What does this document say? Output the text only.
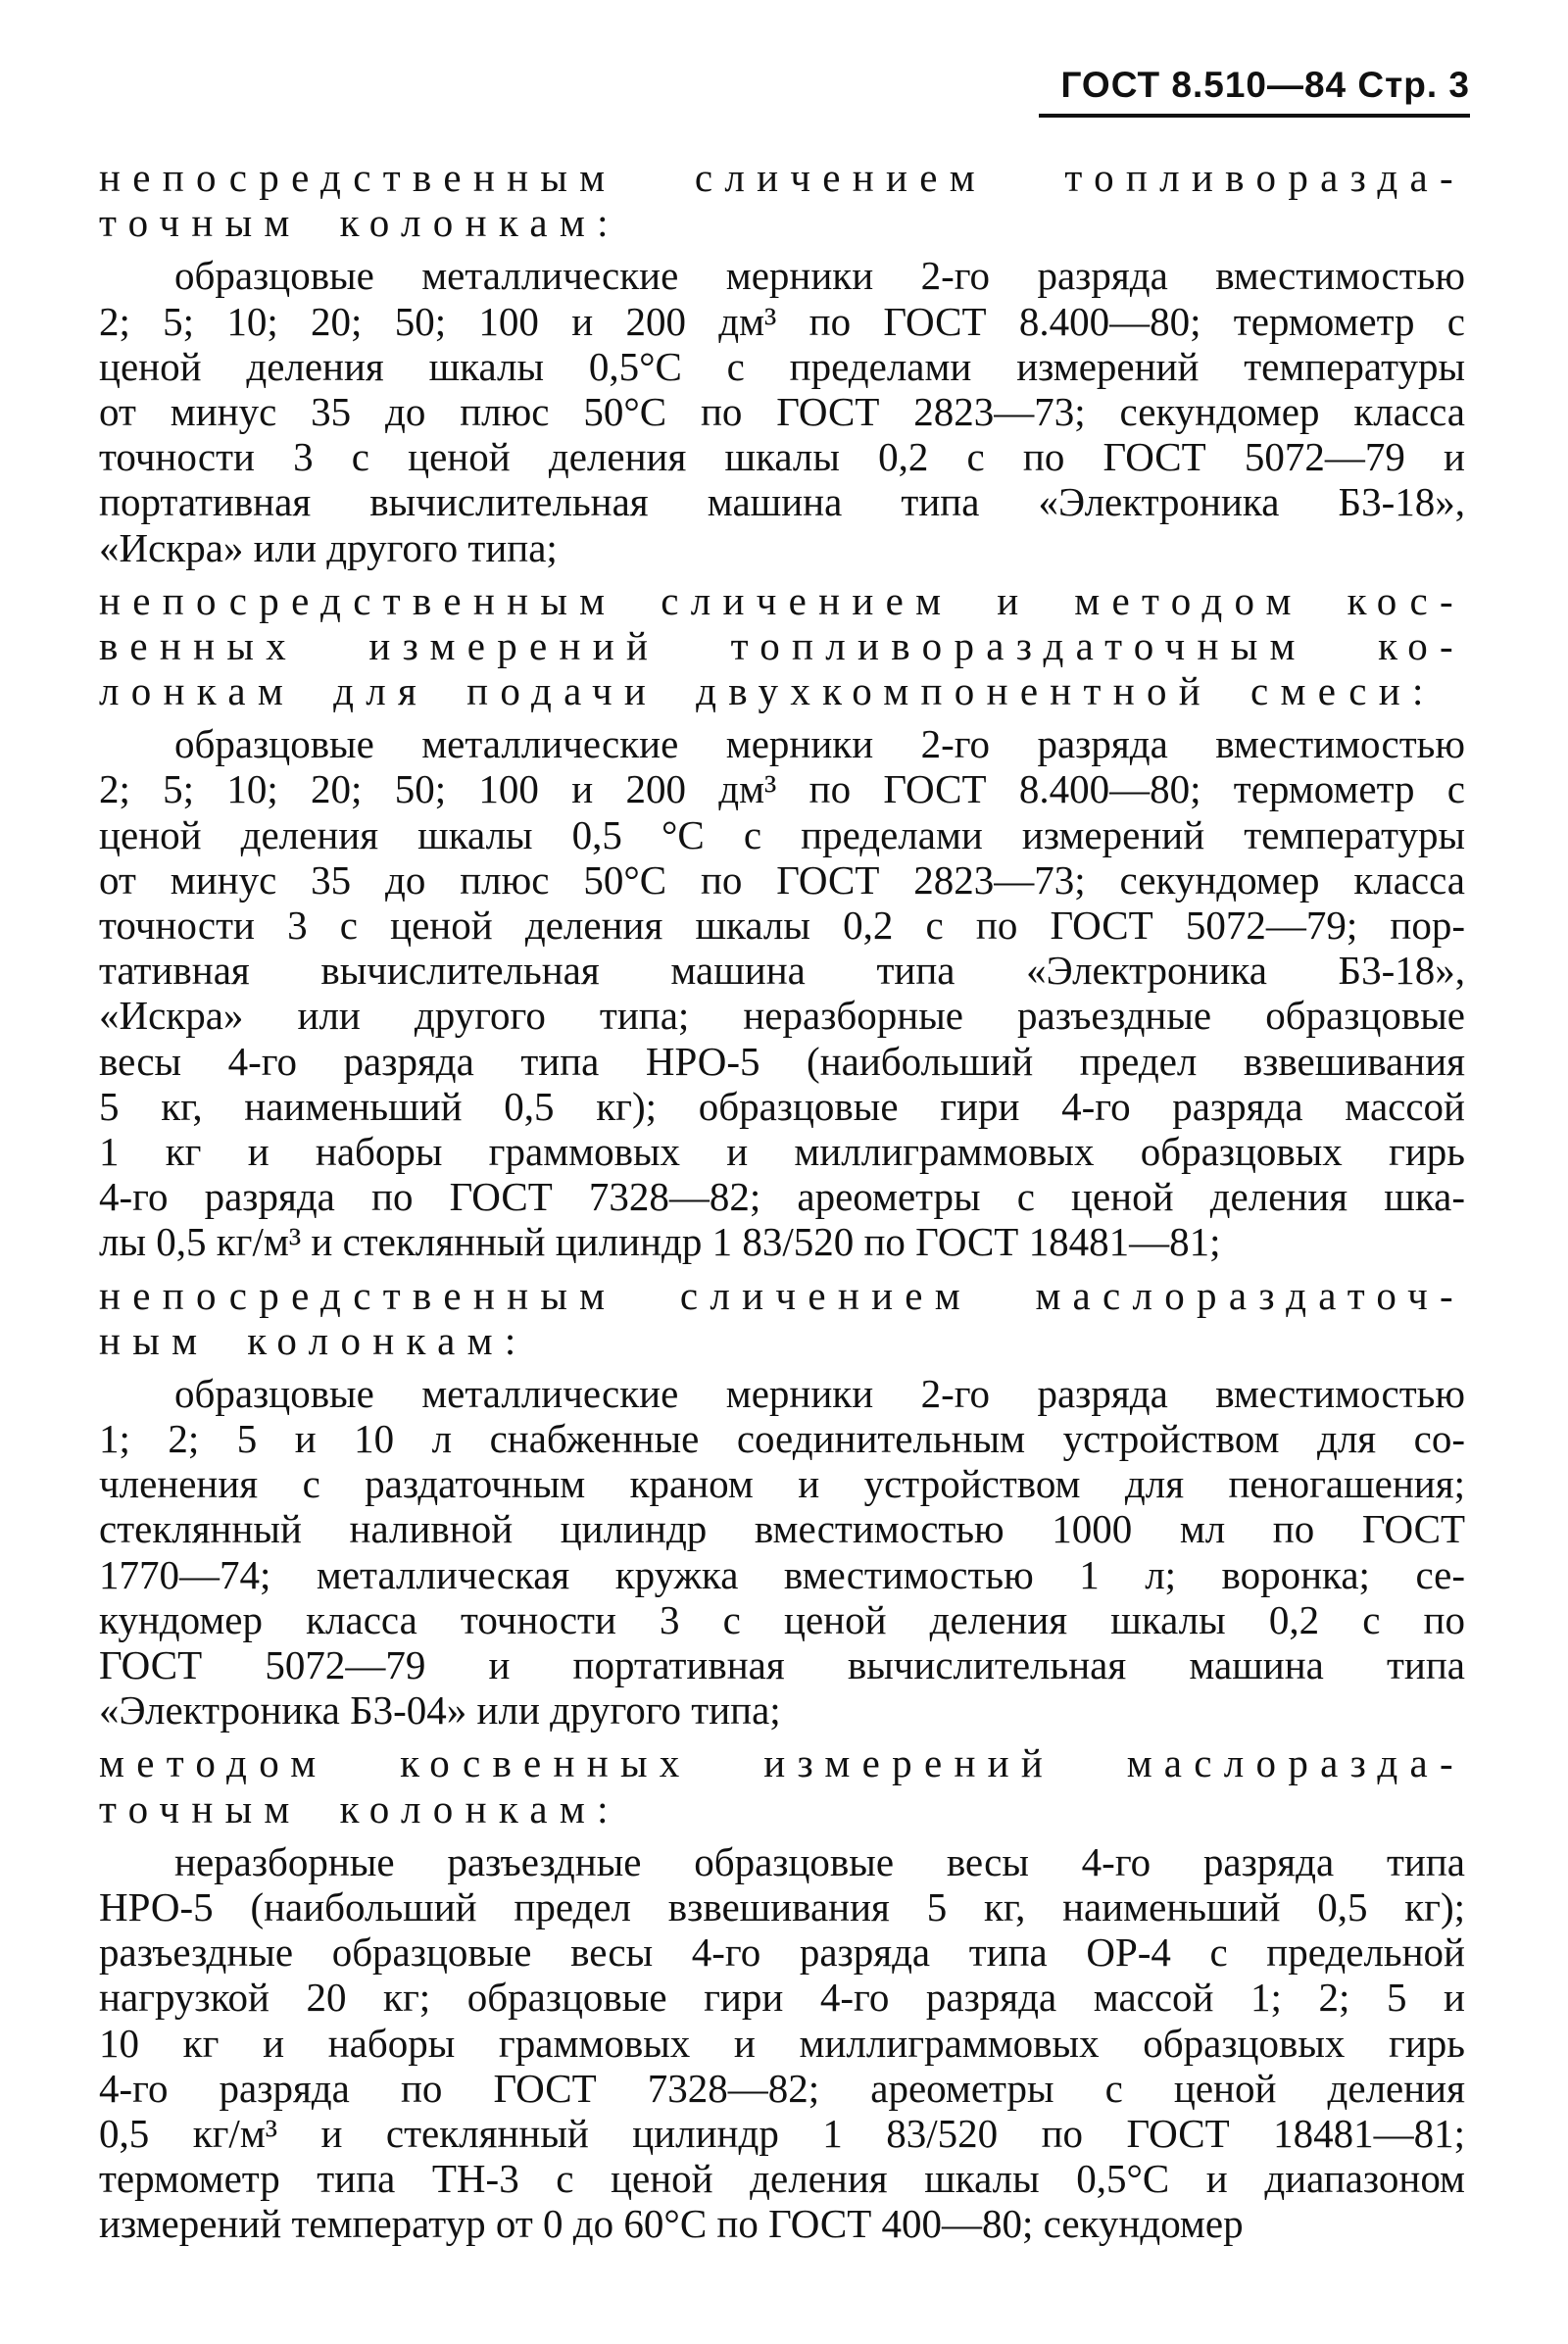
ГОСТ 8.510—84 Стр. 3
непосредственным сличением топливоразда-
точным колонкам:
образцовые металлические мерники 2-го разряда вместимостью
2; 5; 10; 20; 50; 100 и 200 дм³ по ГОСТ 8.400—80; термометр с
ценой деления шкалы 0,5°С с пределами измерений температуры
от минус 35 до плюс 50°С по ГОСТ 2823—73; секундомер класса
точности 3 с ценой деления шкалы 0,2 с по ГОСТ 5072—79 и
портативная вычислительная машина типа «Электроника Б3-18»,
«Искра» или другого типа;
непосредственным сличением и методом кос-
венных измерений топливораздаточным ко-
лонкам для подачи двухкомпонентной смеси:
образцовые металлические мерники 2-го разряда вместимостью
2; 5; 10; 20; 50; 100 и 200 дм³ по ГОСТ 8.400—80; термометр с
ценой деления шкалы 0,5 °С с пределами измерений температуры
от минус 35 до плюс 50°С по ГОСТ 2823—73; секундомер класса
точности 3 с ценой деления шкалы 0,2 с по ГОСТ 5072—79; пор-
тативная вычислительная машина типа «Электроника Б3-18»,
«Искра» или другого типа; неразборные разъездные образцовые
весы 4-го разряда типа НРО-5 (наибольший предел взвешивания
5 кг, наименьший 0,5 кг); образцовые гири 4-го разряда массой
1 кг и наборы граммовых и миллиграммовых образцовых гирь
4-го разряда по ГОСТ 7328—82; ареометры с ценой деления шка-
лы 0,5 кг/м³ и стеклянный цилиндр 1 83/520 по ГОСТ 18481—81;
непосредственным сличением маслораздаточ-
ным колонкам:
образцовые металлические мерники 2-го разряда вместимостью
1; 2; 5 и 10 л снабженные соединительным устройством для со-
членения с раздаточным краном и устройством для пеногашения;
стеклянный наливной цилиндр вместимостью 1000 мл по ГОСТ
1770—74; металлическая кружка вместимостью 1 л; воронка; се-
кундомер класса точности 3 с ценой деления шкалы 0,2 с по
ГОСТ 5072—79 и портативная вычислительная машина типа
«Электроника Б3-04» или другого типа;
методом косвенных измерений маслоразда-
точным колонкам:
неразборные разъездные образцовые весы 4-го разряда типа
НРО-5 (наибольший предел взвешивания 5 кг, наименьший 0,5 кг);
разъездные образцовые весы 4-го разряда типа ОР-4 с предельной
нагрузкой 20 кг; образцовые гири 4-го разряда массой 1; 2; 5 и
10 кг и наборы граммовых и миллиграммовых образцовых гирь
4-го разряда по ГОСТ 7328—82; ареометры с ценой деления
0,5 кг/м³ и стеклянный цилиндр 1 83/520 по ГОСТ 18481—81;
термометр типа ТН-3 с ценой деления шкалы 0,5°С и диапазоном
измерений температур от 0 до 60°С по ГОСТ 400—80; секундомер
